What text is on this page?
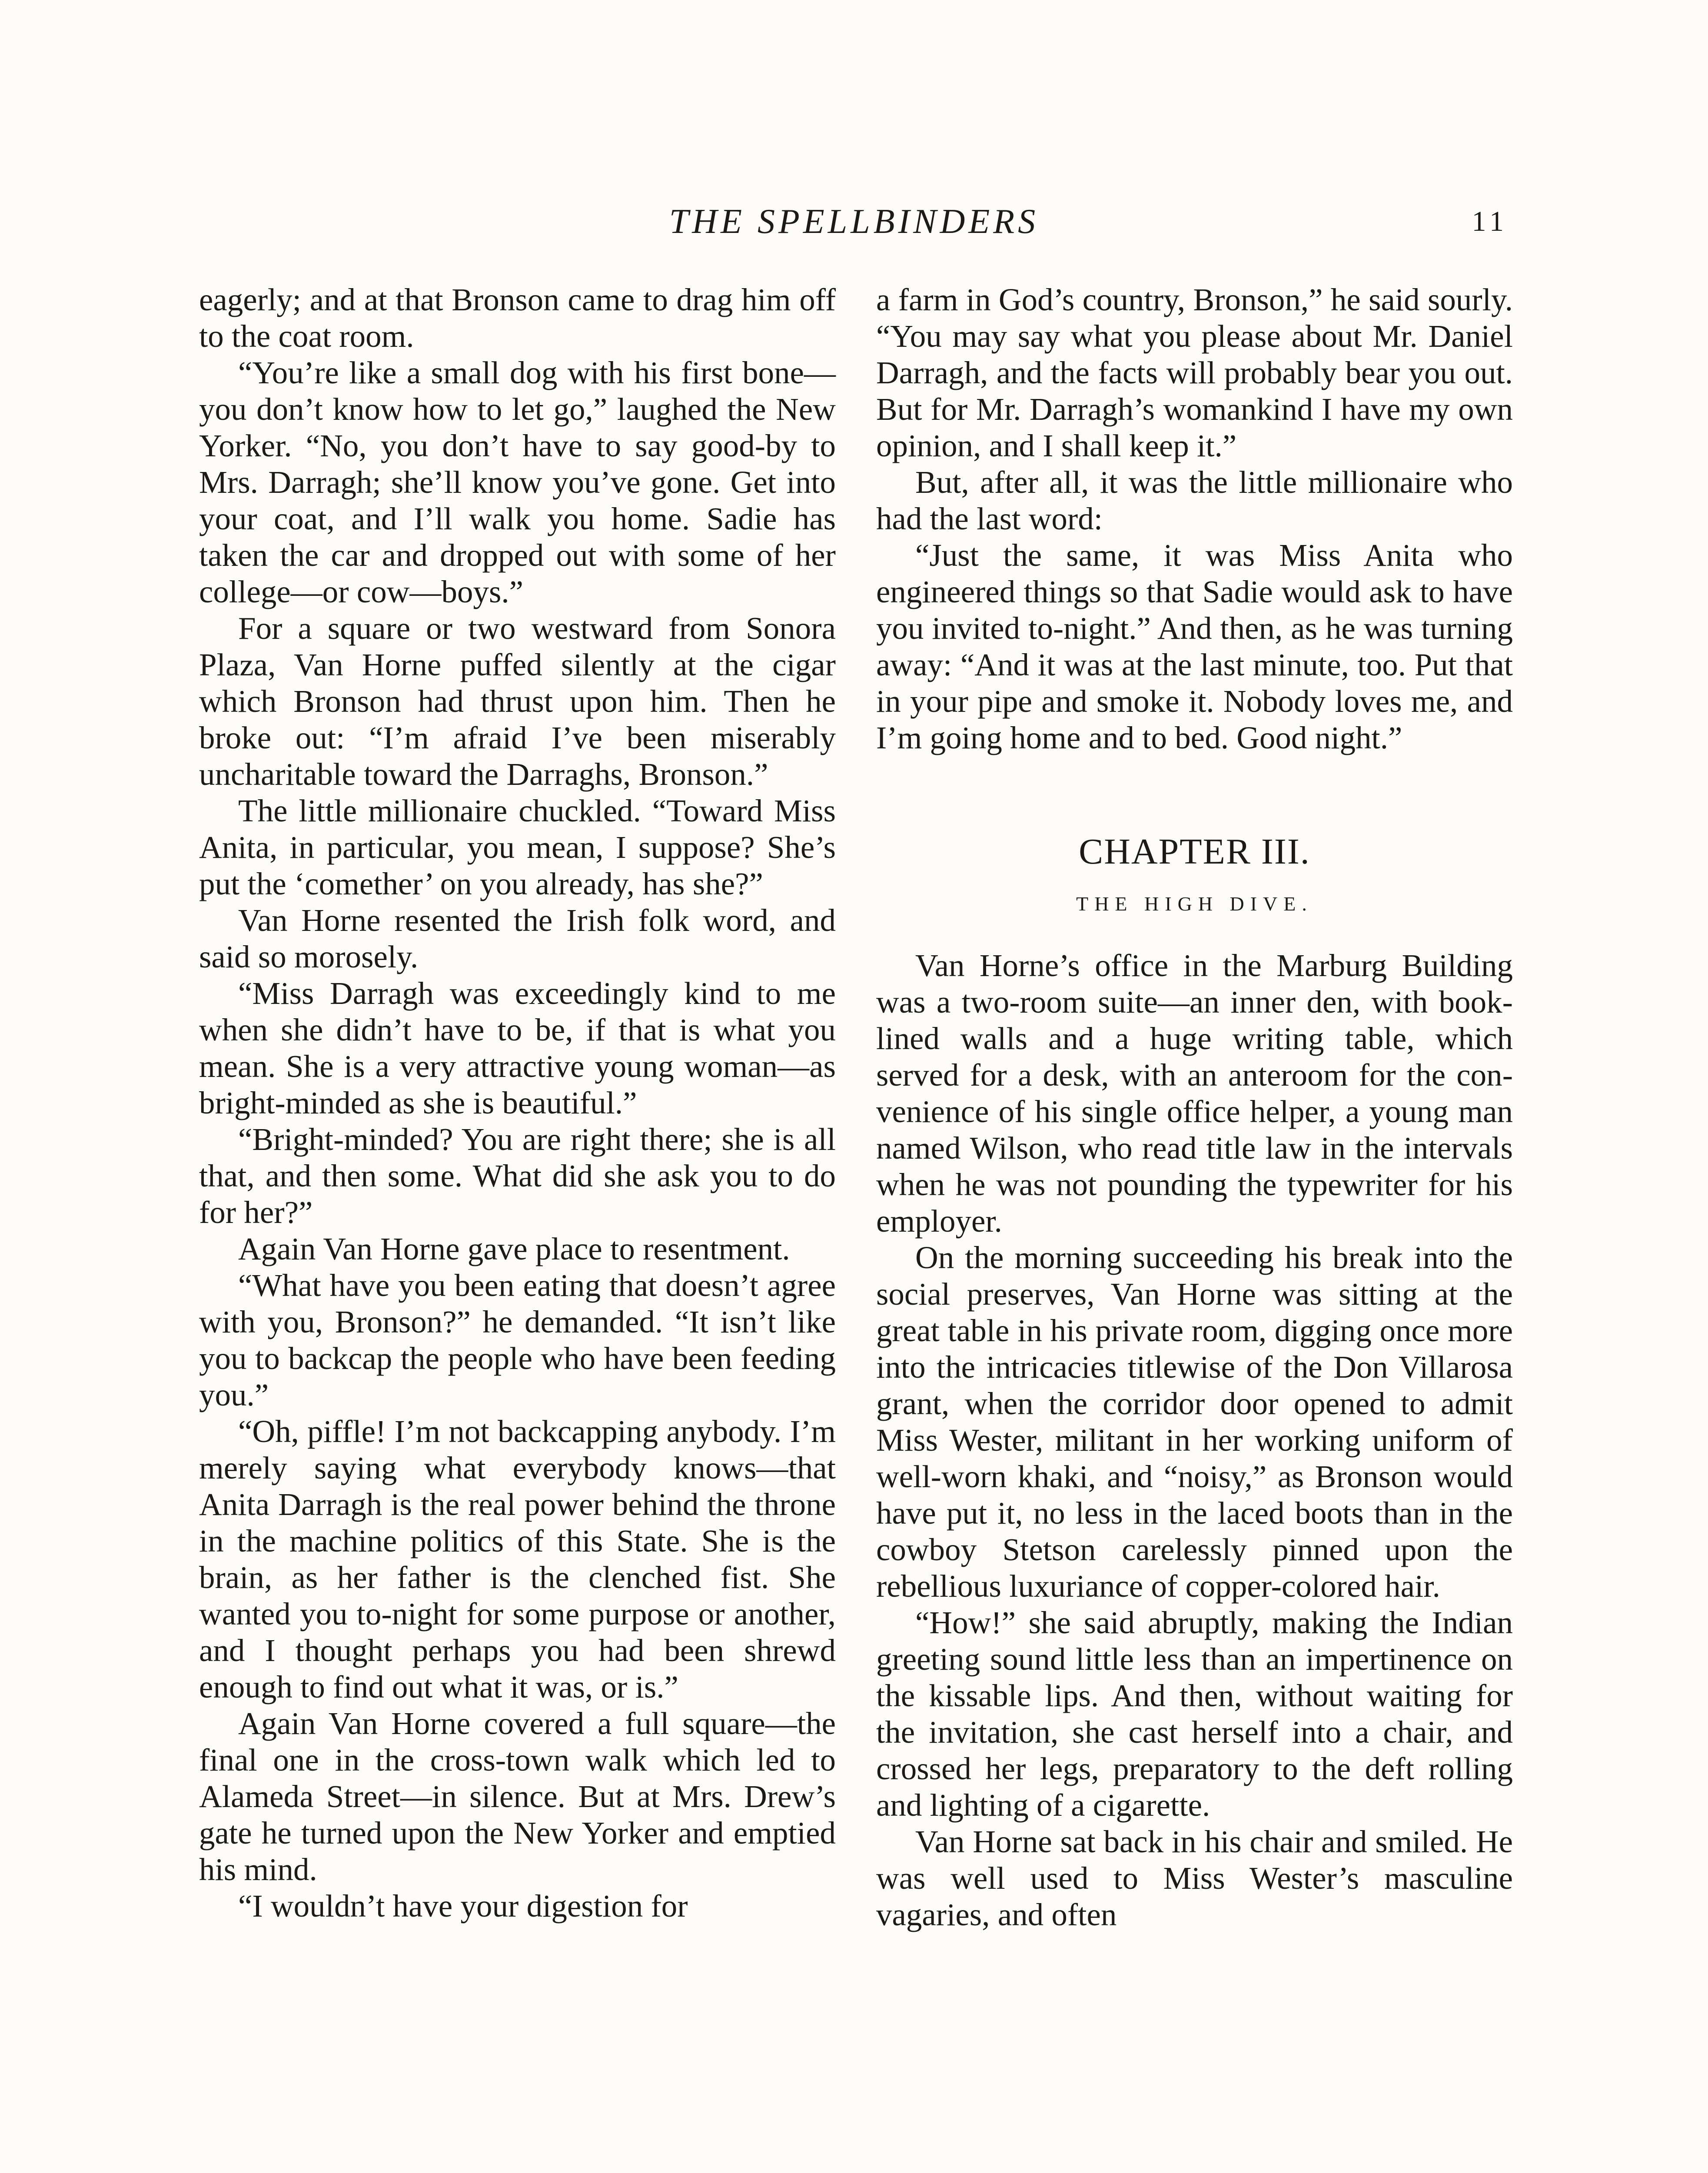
THE SPELLBINDERS	11

eagerly; and at that Bronson came to drag him off to the coat room.

“You’re like a small dog with his first bone—you don’t know how to let go,” laughed the New Yorker. “No, you don’t have to say good-by to Mrs. Darragh; she’ll know you’ve gone. Get into your coat, and I’ll walk you home. Sadie has taken the car and dropped out with some of her college—or cow—boys.”

For a square or two westward from Sonora Plaza, Van Horne puffed silently at the cigar which Bronson had thrust upon him. Then he broke out: “I’m afraid I’ve been miserably uncharitable toward the Darraghs, Bronson.”

The little millionaire chuckled. “Toward Miss Anita, in particular, you mean, I suppose? She’s put the ‘comether’ on you already, has she?”

Van Horne resented the Irish folk word, and said so morosely.

“Miss Darragh was exceedingly kind to me when she didn’t have to be, if that is what you mean. She is a very attractive young woman—as bright-minded as she is beautiful.”

“Bright-minded? You are right there; she is all that, and then some. What did she ask you to do for her?”

Again Van Horne gave place to resentment.

“What have you been eating that doesn’t agree with you, Bronson?” he demanded. “It isn’t like you to backcap the people who have been feeding you.”

“Oh, piffle! I’m not backcapping anybody. I’m merely saying what everybody knows—that Anita Darragh is the real power behind the throne in the machine politics of this State. She is the brain, as her father is the clenched fist. She wanted you to-night for some purpose or another, and I thought perhaps you had been shrewd enough to find out what it was, or is.”

Again Van Horne covered a full square—the final one in the cross-town walk which led to Alameda Street—in silence. But at Mrs. Drew’s gate he turned upon the New Yorker and emptied his mind.

“I wouldn’t have your digestion for

a farm in God’s country, Bronson,” he said sourly. “You may say what you please about Mr. Daniel Darragh, and the facts will probably bear you out. But for Mr. Darragh’s womankind I have my own opinion, and I shall keep it.”

But, after all, it was the little millionaire who had the last word:

“Just the same, it was Miss Anita who engineered things so that Sadie would ask to have you invited to-night.” And then, as he was turning away: “And it was at the last minute, too. Put that in your pipe and smoke it. Nobody loves me, and I’m going home and to bed. Good night.”

CHAPTER III.
THE HIGH DIVE.

Van Horne’s office in the Marburg Building was a two-room suite—an inner den, with book-lined walls and a huge writing table, which served for a desk, with an anteroom for the convenience of his single office helper, a young man named Wilson, who read title law in the intervals when he was not pounding the typewriter for his employer.

On the morning succeeding his break into the social preserves, Van Horne was sitting at the great table in his private room, digging once more into the intricacies titlewise of the Don Villarosa grant, when the corridor door opened to admit Miss Wester, militant in her working uniform of well-worn khaki, and “noisy,” as Bronson would have put it, no less in the laced boots than in the cowboy Stetson carelessly pinned upon the rebellious luxuriance of copper-colored hair.

“How!” she said abruptly, making the Indian greeting sound little less than an impertinence on the kissable lips. And then, without waiting for the invitation, she cast herself into a chair, and crossed her legs, preparatory to the deft rolling and lighting of a cigarette.

Van Horne sat back in his chair and smiled. He was well used to Miss Wester’s masculine vagaries, and often
